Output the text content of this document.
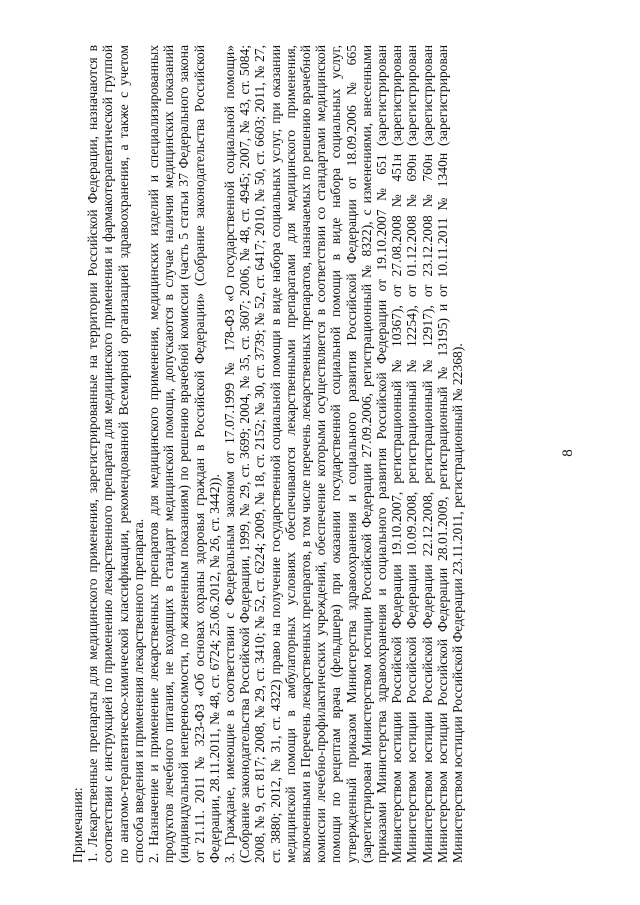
8

Примечания: 1. Лекарственные препараты для медицинского применения, зарегистрированные на территории Российской Федерации, назначаются в соответствии с инструкцией по применению лекарственного препарата для медицинского применения и фармакотерапевтической группой по анатомо-терапевтическо-химической классификации, рекомендованной Всемирной организацией здравоохранения, а также с учетом способа введения и применения лекарственного препарата. 2. Назначение и применение лекарственных препаратов для медицинского применения, медицинских изделий и специализированных продуктов лечебного питания, не входящих в стандарт медицинской помощи, допускаются в случае наличия медицинских показаний (индивидуальной непереносимости, по жизненным показаниям) по решению врачебной комиссии (часть 5 статьи 37 Федерального закона от 21.11. 2011 № 323-ФЗ «Об основах охраны здоровья граждан в Российской Федерации» (Собрание законодательства Российской Федерации, 28.11.2011, № 48, ст. 6724; 25.06.2012, № 26, ст. 3442)). 3. Граждане, имеющие в соответствии с Федеральным законом от 17.07.1999 № 178-ФЗ «О государственной социальной помощи» (Собрание законодательства Российской Федерации, 1999, № 29, ст. 3699; 2004, № 35, ст. 3607; 2006, № 48, ст. 4945; 2007, № 43, ст. 5084; 2008, № 9, ст. 817; 2008, № 29, ст. 3410; № 52, ст. 6224; 2009, № 18, ст. 2152; № 30, ст. 3739; № 52, ст. 6417; 2010, № 50, ст. 6603; 2011, № 27, ст. 3880; 2012, № 31, ст. 4322) право на получение государственной социальной помощи в виде набора социальных услуг, при оказании медицинской помощи в амбулаторных условиях обеспечиваются лекарственными препаратами для медицинского применения, включенными в Перечень лекарственных препаратов, в том числе перечень лекарственных препаратов, назначаемых по решению врачебной комиссии лечебно-профилактических учреждений, обеспечение которыми осуществляется в соответствии со стандартами медицинской помощи по рецептам врача (фельдшера) при оказании государственной социальной помощи в виде набора социальных услуг, утвержденный приказом Министерства здравоохранения и социального развития Российской Федерации от 18.09.2006 № 665 (зарегистрирован Министерством юстиции Российской Федерации 27.09.2006, регистрационный № 8322), с изменениями, внесенными приказами Министерства здравоохранения и социального развития Российской Федерации от 19.10.2007 № 651 (зарегистрирован Министерством юстиции Российской Федерации 19.10.2007, регистрационный № 10367), от 27.08.2008 № 451н (зарегистрирован Министерством юстиции Российской Федерации 10.09.2008, регистрационный № 12254), от 01.12.2008 № 690н (зарегистрирован Министерством юстиции Российской Федерации 22.12.2008, регистрационный № 12917), от 23.12.2008 № 760н (зарегистрирован Министерством юстиции Российской Федерации 28.01.2009, регистрационный № 13195) и от 10.11.2011 № 1340н (зарегистрирован Министерством юстиции Российской Федерации 23.11.2011, регистрационный № 22368).
